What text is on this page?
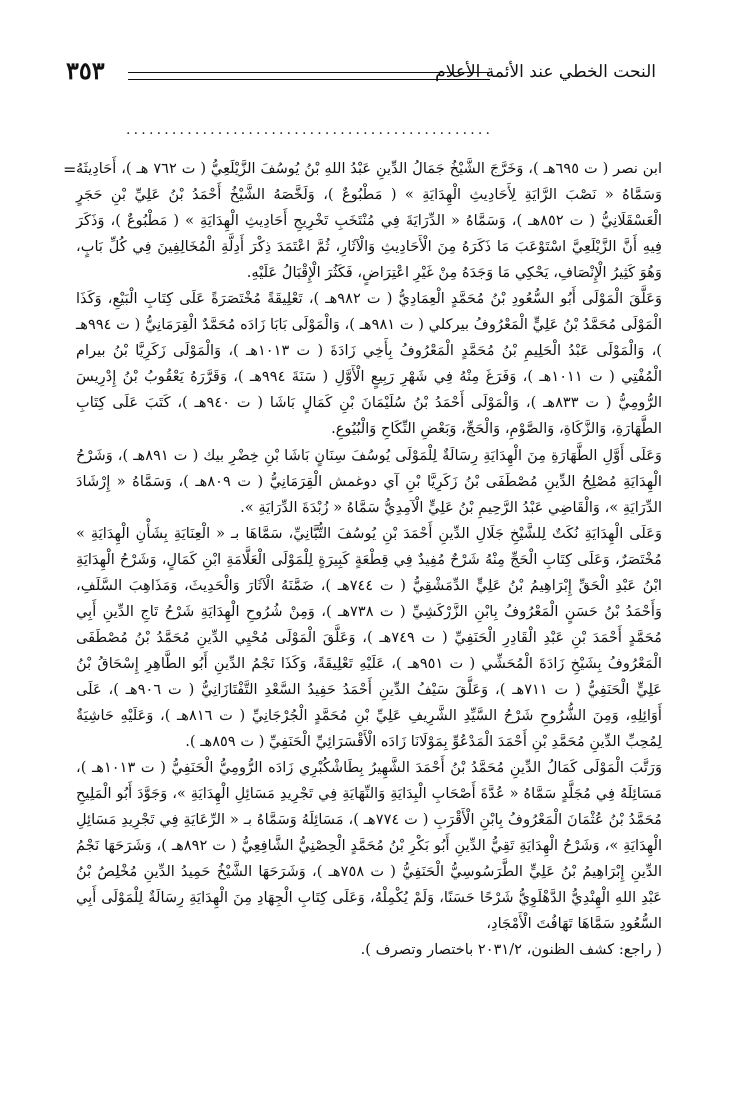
النحت الخطي عند الأئمة الأعلام
٣٥٣
................................................
= ابن نصر ( ت ٦٩٥هـ )، وَخَرَّجَ الشَّيْخُ جَمَالُ الدِّينِ عَبْدُ اللهِ بْنُ يُوسُفَ الزَّيْلَعِيُّ ( ت ٧٦٢ هـ )، أَحَادِيثَهُ وَسَمَّاهُ « نَصْبَ الرَّايَةِ لِأَحَادِيثِ الْهِدَايَةِ » ( مَطْبُوعٌ )، وَلَخَّصَهُ الشَّيْخُ أَحْمَدُ بْنُ عَلِيِّ بْنِ حَجَرٍ الْعَسْقَلَانِيُّ ( ت ٨٥٢هـ )، وَسَمَّاهُ « الدِّرَايَةَ فِي مُنْتَخَبِ تَخْرِيجِ أَحَادِيثِ الْهِدَايَةِ » ( مَطْبُوعٌ )، وَذَكَرَ فِيهِ أَنَّ الزَّيْلَعِيَّ اسْتَوْعَبَ مَا ذَكَرَهُ مِنَ الْأَحَادِيثِ وَالْآثَارِ، ثُمَّ اعْتَمَدَ ذِكْرَ أَدِلَّةِ الْمُخَالِفِينَ فِي كُلِّ بَابٍ، وَهُوَ كَثِيرُ الْإِنْصَافِ، يَحْكِي مَا وَجَدَهُ مِنْ غَيْرِ اعْتِرَاضٍ، فَكَثُرَ الْإِقْبَالُ عَلَيْهِ.

وَعَلَّقَ الْمَوْلَى أَبُو السُّعُودِ بْنُ مُحَمَّدٍ الْعِمَادِيُّ ( ت ٩٨٢هـ )، تَعْلِيقَةً مُخْتَصَرَةً عَلَى كِتَابِ الْبَيْعِ، وَكَذَا الْمَوْلَى مُحَمَّدُ بْنُ عَلِيٍّ الْمَعْرُوفُ بيركلي ( ت ٩٨١هـ )، وَالْمَوْلَى بَابَا زَادَه مُحَمَّدٌ الْقِرَمَانِيُّ ( ت ٩٩٤هـ )، وَالْمَوْلَى عَبْدُ الْحَلِيمِ بْنُ مُحَمَّدٍ الْمَعْرُوفُ بِأَخِي زَادَةَ ( ت ١٠١٣هـ )، وَالْمَوْلَى زَكَرِيَّا بْنُ بيرام الْمُفْتِي ( ت ١٠١١هـ )، وَفَرَغَ مِنْهُ فِي شَهْرِ رَبِيعٍ الْأَوَّلِ ( سَنَةَ ٩٩٤هـ )، وَقَرَّرَهُ يَعْقُوبُ بْنُ إِدْرِيسَ الرُّومِيُّ ( ت ٨٣٣هـ )، وَالْمَوْلَى أَحْمَدُ بْنُ سُلَيْمَانَ بْنِ كَمَالٍ بَاشَا ( ت ٩٤٠هـ )، كَتَبَ عَلَى كِتَابِ الطَّهَارَةِ، وَالزَّكَاةِ، وَالصَّوْمِ، وَالْحَجِّ، وَبَعْضِ النِّكَاحِ وَالْبُيُوعِ.

وَعَلَى أَوَّلِ الطَّهَارَةِ مِنَ الْهِدَايَةِ رِسَالَةٌ لِلْمَوْلَى يُوسُفَ سِنَانٍ بَاشَا بْنِ خِضْرِ بيك ( ت ٨٩١هـ )، وَشَرْحُ الْهِدَايَةِ مُصْلِحُ الدِّينِ مُصْطَفَى بْنُ زَكَرِيَّا بْنِ آي دوغمش الْقِرَمَانِيُّ ( ت ٨٠٩هـ )، وَسَمَّاهُ « إِرْشَادَ الدِّرَايَةِ »، وَالْقَاضِي عَبْدُ الرَّحِيمِ بْنُ عَلِيٍّ الْآمِدِيُّ سَمَّاهُ « زُبْدَةَ الدِّرَايَةِ ».

وَعَلَى الْهِدَايَةِ نُكَتٌ لِلشَّيْخِ جَلَالِ الدِّينِ أَحْمَدَ بْنِ يُوسُفَ التُّبَّانِيِّ، سَمَّاهَا بـ « الْعِنَايَةِ بِشَأْنِ الْهِدَايَةِ » مُخْتَصَرٌ، وَعَلَى كِتَابِ الْحَجِّ مِنْهُ شَرْحٌ مُفِيدٌ فِي قِطْعَةٍ كَبِيرَةٍ لِلْمَوْلَى الْعَلَّامَةِ ابْنِ كَمَالٍ، وَشَرْحُ الْهِدَايَةِ ابْنُ عَبْدِ الْحَقِّ إِبْرَاهِيمُ بْنُ عَلِيٍّ الدِّمَشْقِيُّ ( ت ٧٤٤هـ )، ضَمَّنَهُ الْآثَارَ وَالْحَدِيثَ، وَمَذَاهِبَ السَّلَفِ، وَأَحْمَدُ بْنُ حَسَنٍ الْمَعْرُوفُ بِابْنِ الزَّرْكَشِيِّ ( ت ٧٣٨هـ )، وَمِنْ شُرُوحِ الْهِدَايَةِ شَرْحُ تَاجِ الدِّينِ أَبِي مُحَمَّدٍ أَحْمَدَ بْنِ عَبْدِ الْقَادِرِ الْحَنَفِيِّ ( ت ٧٤٩هـ )، وَعَلَّقَ الْمَوْلَى مُحْيِي الدِّينِ مُحَمَّدُ بْنُ مُصْطَفَى الْمَعْرُوفُ بِشَيْخِ زَادَةَ الْمُحَشِّي ( ت ٩٥١هـ )، عَلَيْهِ تَعْلِيقَةً، وَكَذَا نَجْمُ الدِّينِ أَبُو الطَّاهِرِ إِسْحَاقُ بْنُ عَلِيٍّ الْحَنَفِيُّ ( ت ٧١١هـ )، وَعَلَّقَ سَيْفُ الدِّينِ أَحْمَدُ حَفِيدُ السَّعْدِ التَّفْتَازَانِيُّ ( ت ٩٠٦هـ )، عَلَى أَوَائِلِهِ، وَمِنَ الشُّرُوحِ شَرْحُ السَّيِّدِ الشَّرِيفِ عَلِيِّ بْنِ مُحَمَّدٍ الْجُرْجَانِيِّ ( ت ٨١٦هـ )، وَعَلَيْهِ حَاشِيَةٌ لِمُحِبِّ الدِّينِ مُحَمَّدِ بْنِ أَحْمَدَ الْمَدْعُوِّ بِمَوْلَانَا زَادَه الْأَقْسَرَائِيِّ الْحَنَفِيِّ ( ت ٨٥٩هـ ).

وَرَتَّبَ الْمَوْلَى كَمَالُ الدِّينِ مُحَمَّدُ بْنُ أَحْمَدَ الشَّهِيرُ بِطَاشْكُبْرِي زَادَه الرُّومِيُّ الْحَنَفِيُّ ( ت ١٠١٣هـ )، مَسَائِلَهُ فِي مُجَلَّدٍ سَمَّاهُ « عُدَّةَ أَصْحَابِ الْبِدَايَةِ وَالنِّهَايَةِ فِي تَجْرِيدِ مَسَائِلِ الْهِدَايَةِ »، وَجَوَّدَ أَبُو الْمَلِيحِ مُحَمَّدُ بْنُ عُثْمَانَ الْمَعْرُوفُ بِابْنِ الْأَقْرَبِ ( ت ٧٧٤هـ )، مَسَائِلَهُ وَسَمَّاهُ بـ « الرِّعَايَةِ فِي تَجْرِيدِ مَسَائِلِ الْهِدَايَةِ »، وَشَرْحُ الْهِدَايَةِ تَقِيُّ الدِّينِ أَبُو بَكْرِ بْنُ مُحَمَّدٍ الْحِصْنِيُّ الشَّافِعِيُّ ( ت ٨٩٢هـ )، وَشَرَحَهَا نَجْمُ الدِّينِ إِبْرَاهِيمُ بْنُ عَلِيٍّ الطَّرَسُوسِيُّ الْحَنَفِيُّ ( ت ٧٥٨هـ )، وَشَرَحَهَا الشَّيْخُ حَمِيدُ الدِّينِ مُخْلِصُ بْنُ عَبْدِ اللهِ الْهِنْدِيُّ الدَّهْلَوِيُّ شَرْحًا حَسَنًا، وَلَمْ يُكْمِلْهُ، وَعَلَى كِتَابِ الْجِهَادِ مِنَ الْهِدَايَةِ رِسَالَةٌ لِلْمَوْلَى أَبِي السُّعُودِ سَمَّاهَا تَهَافُتَ الْأَمْجَادِ،

( راجع: كشف الظنون، ٢٠٣١/٢ باختصار وتصرف ).
